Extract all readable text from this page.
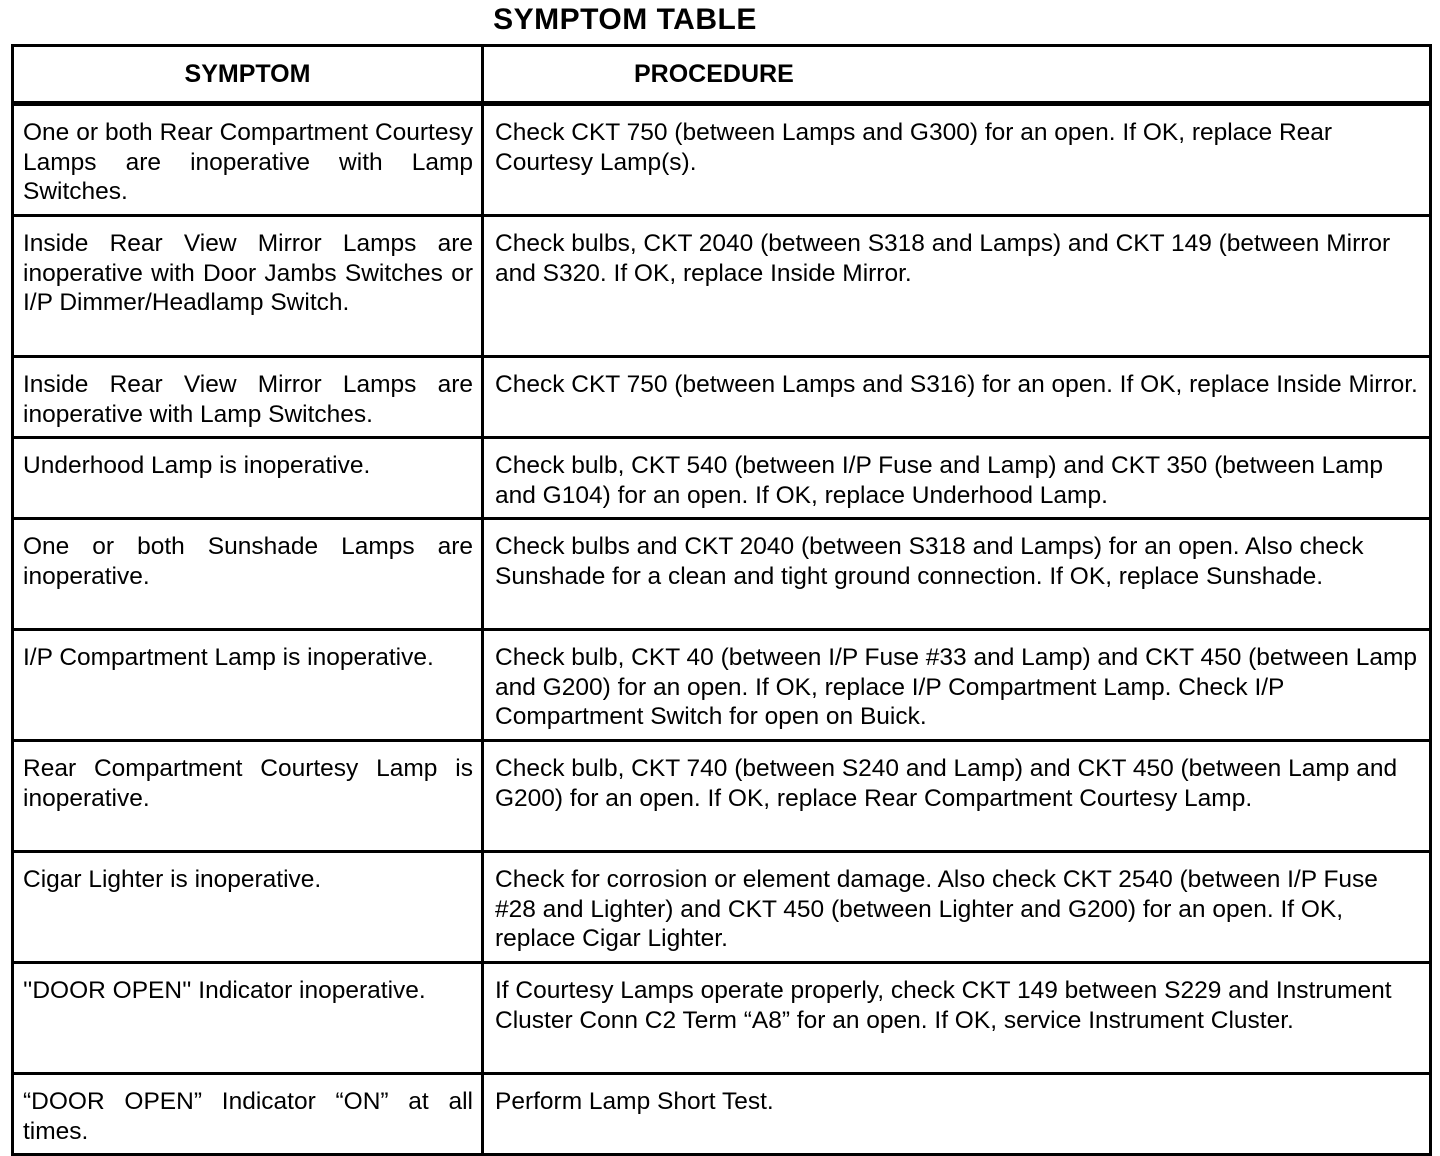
SYMPTOM TABLE
SYMPTOM	PROCEDURE
One or both Rear Compartment Courtesy Lamps are inoperative with Lamp Switches.	Check CKT 750 (between Lamps and G300) for an open. If OK, replace Rear Courtesy Lamp(s).
Inside Rear View Mirror Lamps are inoperative with Door Jambs Switches or I/P Dimmer/Headlamp Switch.	Check bulbs, CKT 2040 (between S318 and Lamps) and CKT 149 (between Mirror and S320. If OK, replace Inside Mirror.
Inside Rear View Mirror Lamps are inoperative with Lamp Switches.	Check CKT 750 (between Lamps and S316) for an open. If OK, replace Inside Mirror.
Underhood Lamp is inoperative.	Check bulb, CKT 540 (between I/P Fuse and Lamp) and CKT 350 (between Lamp and G104) for an open. If OK, replace Underhood Lamp.
One or both Sunshade Lamps are inoperative.	Check bulbs and CKT 2040 (between S318 and Lamps) for an open. Also check Sunshade for a clean and tight ground connection. If OK, replace Sunshade.
I/P Compartment Lamp is inoperative.	Check bulb, CKT 40 (between I/P Fuse #33 and Lamp) and CKT 450 (between Lamp and G200) for an open. If OK, replace I/P Compartment Lamp. Check I/P Compartment Switch for open on Buick.
Rear Compartment Courtesy Lamp is inoperative.	Check bulb, CKT 740 (between S240 and Lamp) and CKT 450 (between Lamp and G200) for an open. If OK, replace Rear Compartment Courtesy Lamp.
Cigar Lighter is inoperative.	Check for corrosion or element damage. Also check CKT 2540 (between I/P Fuse #28 and Lighter) and CKT 450 (between Lighter and G200) for an open. If OK, replace Cigar Lighter.
''DOOR OPEN'' Indicator inoperative.	If Courtesy Lamps operate properly, check CKT 149 between S229 and Instrument Cluster Conn C2 Term “A8” for an open. If OK, service Instrument Cluster.
“DOOR OPEN” Indicator “ON” at all times.	Perform Lamp Short Test.
